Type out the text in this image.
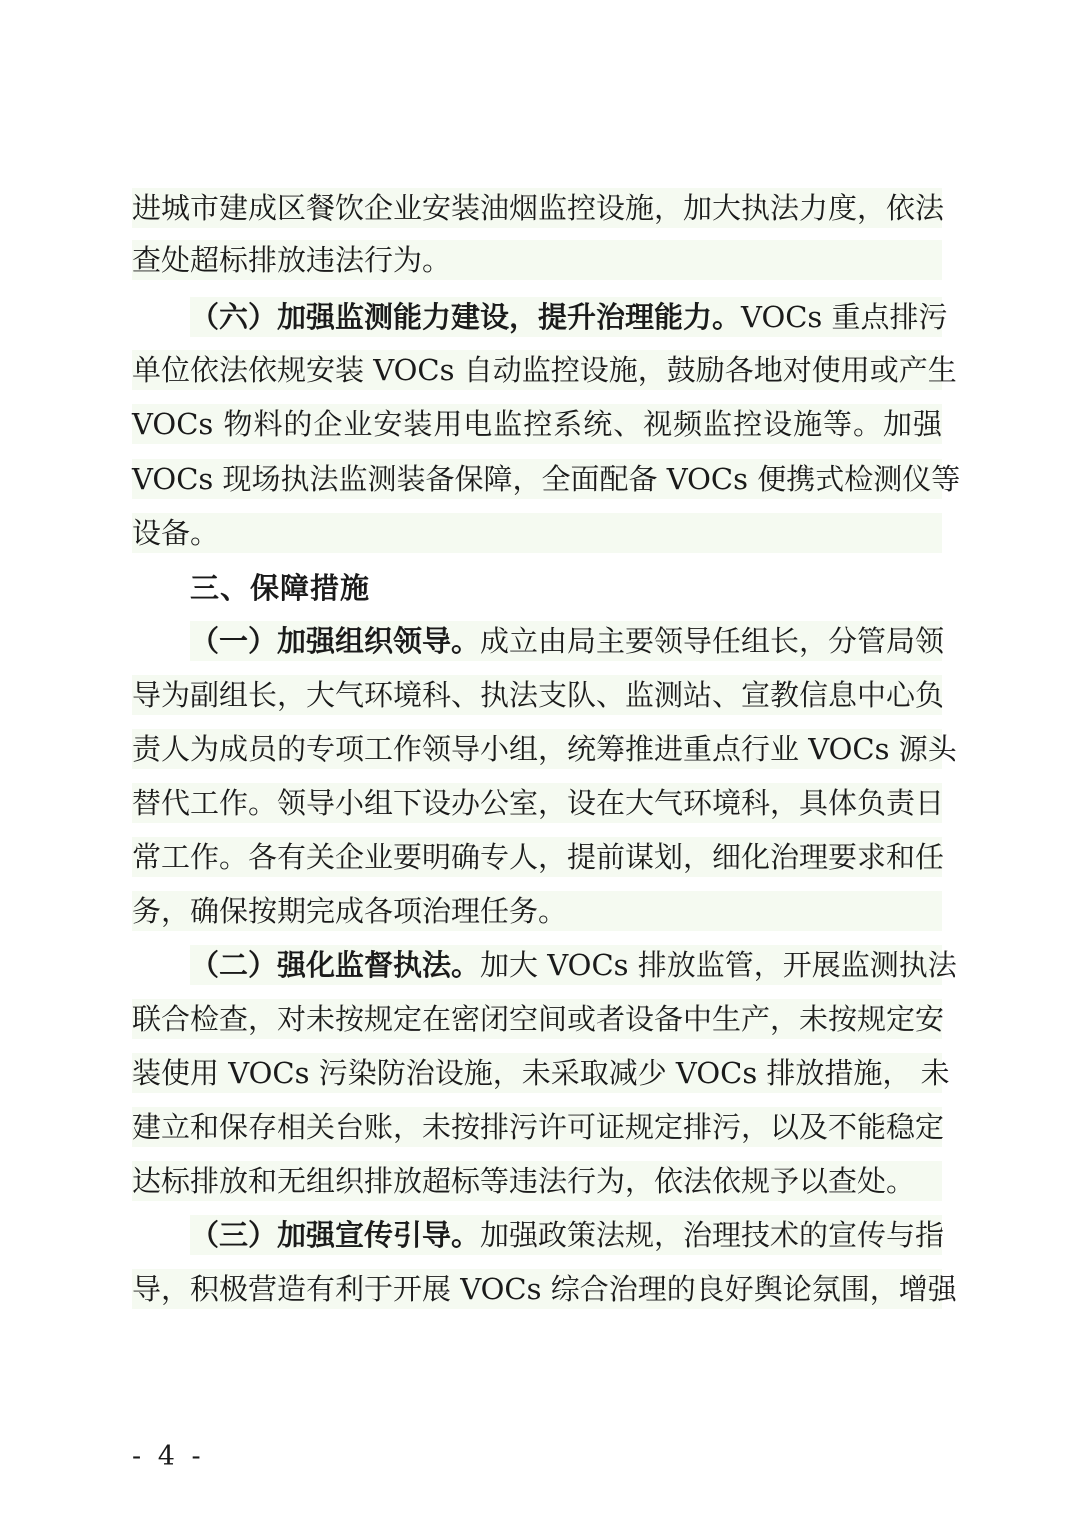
进城市建成区餐饮企业安装油烟监控设施，加大执法力度，依法
查处超标排放违法行为。
（六）加强监测能力建设，提升治理能力。VOCs 重点排污
单位依法依规安装 VOCs 自动监控设施，鼓励各地对使用或产生
VOCs 物料的企业安装用电监控系统、视频监控设施等。加强
VOCs 现场执法监测装备保障，全面配备 VOCs 便携式检测仪等
设备。
三、保障措施
（一）加强组织领导。成立由局主要领导任组长，分管局领
导为副组长，大气环境科、执法支队、监测站、宣教信息中心负
责人为成员的专项工作领导小组，统筹推进重点行业 VOCs 源头
替代工作。领导小组下设办公室，设在大气环境科，具体负责日
常工作。各有关企业要明确专人，提前谋划，细化治理要求和任
务，确保按期完成各项治理任务。
（二）强化监督执法。加大 VOCs 排放监管，开展监测执法
联合检查，对未按规定在密闭空间或者设备中生产，未按规定安
装使用 VOCs 污染防治设施，未采取减少 VOCs 排放措施， 未
建立和保存相关台账，未按排污许可证规定排污，以及不能稳定
达标排放和无组织排放超标等违法行为，依法依规予以查处。
（三）加强宣传引导。加强政策法规，治理技术的宣传与指
导，积极营造有利于开展 VOCs 综合治理的良好舆论氛围，增强
- 4 -
